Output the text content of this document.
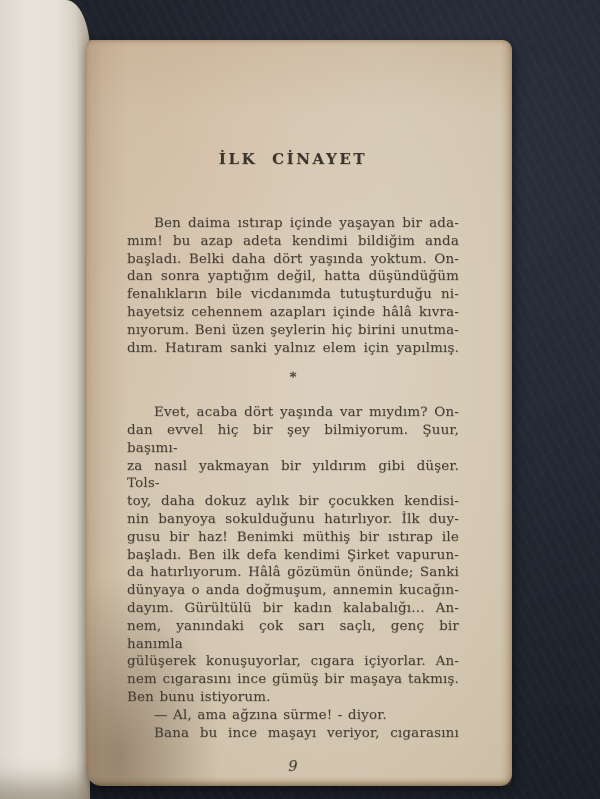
İLK CİNAYET
Ben daima ıstırap içinde yaşayan bir ada-
mım! bu azap adeta kendimi bildiğim anda
başladı. Belki daha dört yaşında yoktum. On-
dan sonra yaptığım değil, hatta düşündüğüm
fenalıkların bile vicdanımda tutuşturduğu ni-
hayetsiz cehennem azapları içinde hâlâ kıvra-
nıyorum. Beni üzen şeylerin hiç birini unutma-
dım. Hatıram sanki yalnız elem için yapılmış.
*
Evet, acaba dört yaşında var mıydım? On-
dan evvel hiç bir şey bilmiyorum. Şuur, başımı-
za nasıl yakmayan bir yıldırım gibi düşer. Tols-
toy, daha dokuz aylık bir çocukken kendisi-
nin banyoya sokulduğunu hatırlıyor. İlk duy-
gusu bir haz! Benimki müthiş bir ıstırap ile
başladı. Ben ilk defa kendimi Şirket vapurun-
da hatırlıyorum. Hâlâ gözümün önünde; Sanki
dünyaya o anda doğmuşum, annemin kucağın-
dayım. Gürültülü bir kadın kalabalığı... An-
nem, yanındaki çok sarı saçlı, genç bir hanımla
gülüşerek konuşuyorlar, cıgara içiyorlar. An-
nem cıgarasını ince gümüş bir maşaya takmış.
Ben bunu istiyorum.
— Al, ama ağzına sürme! - diyor.
Bana bu ince maşayı veriyor, cıgarasını
9
